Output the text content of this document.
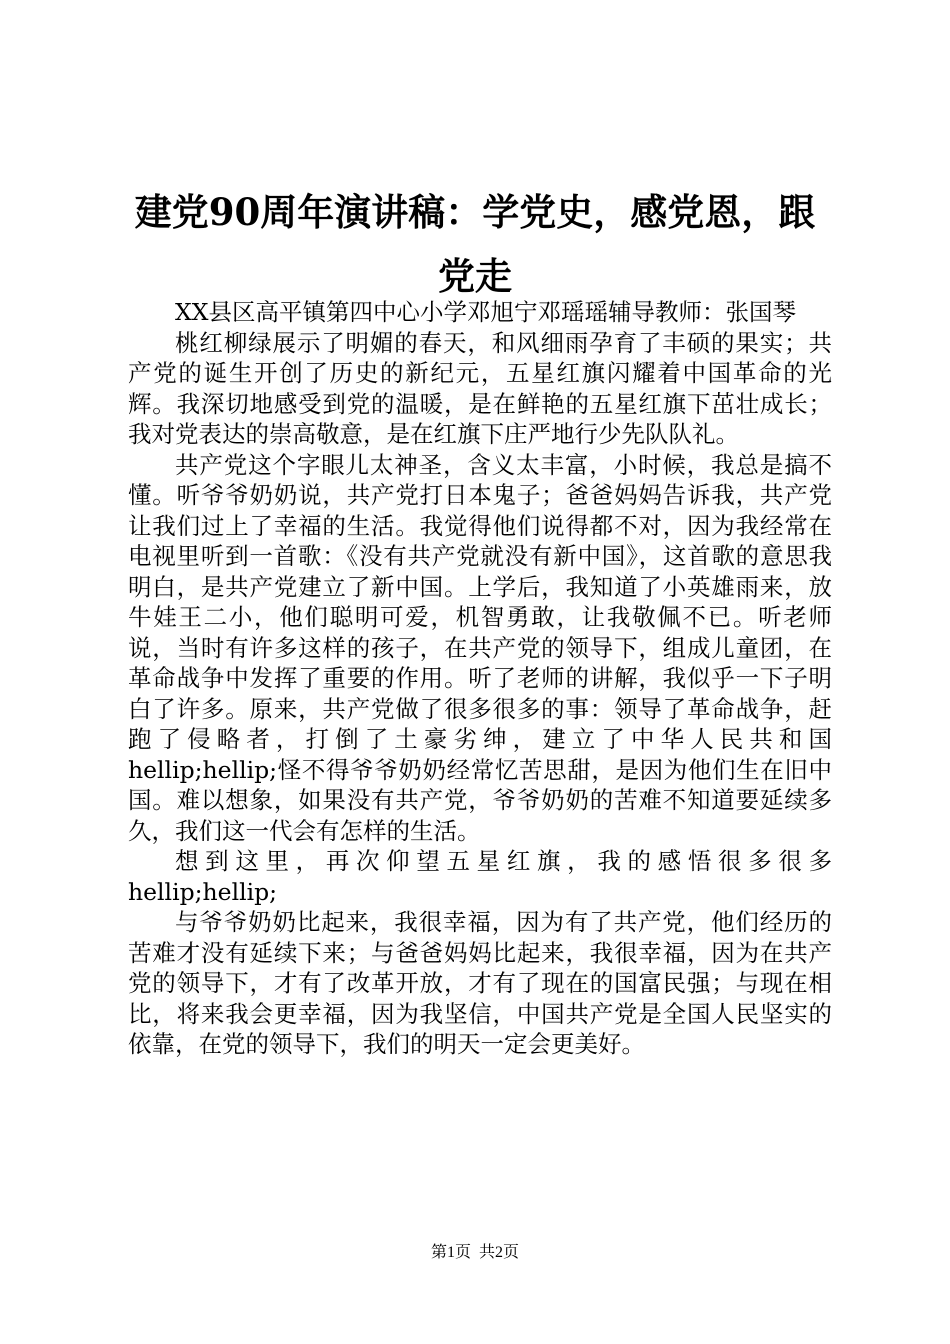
建党90周年演讲稿：学党史，感党恩，跟党走

XX县区高平镇第四中心小学邓旭宁邓瑶瑶辅导教师：张国琴

桃红柳绿展示了明媚的春天，和风细雨孕育了丰硕的果实；共产党的诞生开创了历史的新纪元，五星红旗闪耀着中国革命的光辉。我深切地感受到党的温暖，是在鲜艳的五星红旗下茁壮成长；我对党表达的崇高敬意，是在红旗下庄严地行少先队队礼。

共产党这个字眼儿太神圣，含义太丰富，小时候，我总是搞不懂。听爷爷奶奶说，共产党打日本鬼子；爸爸妈妈告诉我，共产党让我们过上了幸福的生活。我觉得他们说得都不对，因为我经常在电视里听到一首歌：《没有共产党就没有新中国》，这首歌的意思我明白，是共产党建立了新中国。上学后，我知道了小英雄雨来，放牛娃王二小，他们聪明可爱，机智勇敢，让我敬佩不已。听老师说，当时有许多这样的孩子，在共产党的领导下，组成儿童团，在革命战争中发挥了重要的作用。听了老师的讲解，我似乎一下子明白了许多。原来，共产党做了很多很多的事：领导了革命战争，赶跑了侵略者，打倒了土豪劣绅，建立了中华人民共和国hellip;hellip;怪不得爷爷奶奶经常忆苦思甜，是因为他们生在旧中国。难以想象，如果没有共产党，爷爷奶奶的苦难不知道要延续多久，我们这一代会有怎样的生活。

想到这里，再次仰望五星红旗，我的感悟很多很多hellip;hellip;

与爷爷奶奶比起来，我很幸福，因为有了共产党，他们经历的苦难才没有延续下来；与爸爸妈妈比起来，我很幸福，因为在共产党的领导下，才有了改革开放，才有了现在的国富民强；与现在相比，将来我会更幸福，因为我坚信，中国共产党是全国人民坚实的依靠，在党的领导下，我们的明天一定会更美好。

第1页 共2页
